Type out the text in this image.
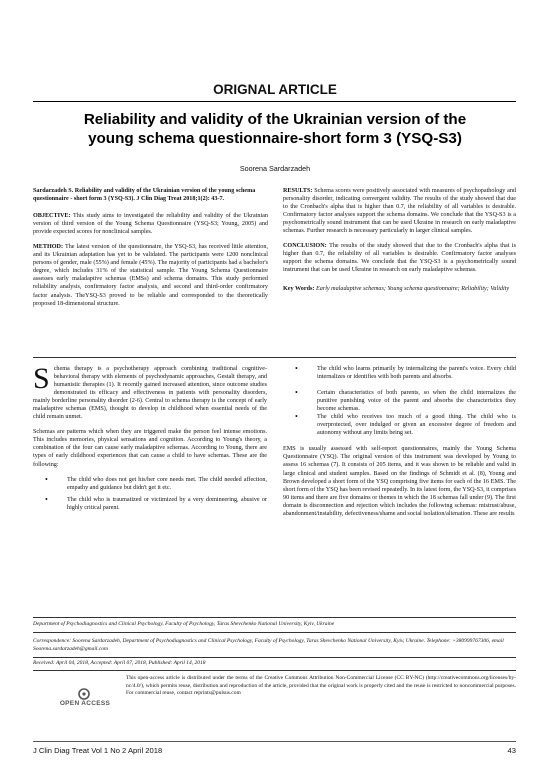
ORIGNAL ARTICLE
Reliability and validity of the Ukrainian version of the
young schema questionnaire-short form 3 (YSQ-S3)
Soorena Sardarzadeh

Sardarzadeh S. Reliability and validity of the Ukrainian version of the young schema questionnaire - short form 3 (YSQ-S3). J Clin Diag Treat 2018;1(2): 43-7.

OBJECTIVE: This study aims to investigated the reliability and validity of the Ukrainian version of third version of the Young Schema Questionnaire (YSQ-S3; Young, 2005) and provide expected scores for nonclinical samples.

METHOD: The latest version of the questionnaire, the YSQ-S3, has received little attention, and its Ukrainian adaptation has yet to be validated. The participants were 1200 nonclinical persons of gender, male (55%) and female (45%). The majority of participants had a bachelor's degree, which includes 31% of the statistical sample. The Young Schema Questionnaire assesses early maladaptive schemas (EMSs) and schema domains. This study performed reliability analysis, confirmatory factor analysis, and second and third-order confirmatory factor analysis. TheYSQ-S3 proved to be reliable and corresponded to the theoretically proposed 18-dimensional structure.

RESULTS: Schema scores were positively associated with measures of psychopathology and personality disorder, indicating convergent validity. The results of the study showed that due to the Cronbach's alpha that is higher than 0.7, the reliability of all variables is desirable. Confirmatory factor analyses support the schema domains. We conclude that the YSQ-S3 is a psychometrically sound instrument that can be used Ukraine in research on early maladaptive schemas. Further research is necessary particularly in larger clinical samples.

CONCLUSION: The results of the study showed that due to the Cronbach's alpha that is higher than 0.7, the reliability of all variables is desirable. Confirmatory factor analyses support the schema domains. We conclude that the YSQ-S3 is a psychometrically sound instrument that can be used Ukraine in research on early maladaptive schemas.

Key Words: Early maladaptive schemas; Young schema questionnaire; Reliability; Validity

Schema therapy is a psychotherapy approach combining traditional cognitive-behavioral therapy with elements of psychodynamic approaches, Gestalt therapy, and humanistic therapies (1). It recently gained increased attention, since outcome studies demonstrated its efficacy and effectiveness in patients with personality disorders, mainly borderline personality disorder (2-6). Central to schema therapy is the concept of early maladaptive schemas (EMS), thought to develop in childhood when essential needs of the child remain unmet.

Schemas are patterns which when they are triggered make the person feel intense emotions. This includes memories, physical sensations and cognition. According to Young's theory, a combination of the four can cause early maladaptive schemas. According to Young, there are types of early childhood experiences that can cause a child to have schemas. These are the following:

• The child who does not get his/her core needs met. The child needed affection, empathy and guidance but didn't get it etc.
• The child who is traumatized or victimized by a very domineering, abusive or highly critical parent.
• The child who learns primarily by internalizing the parent's voice. Every child internalizes or identifies with both parents and absorbs.
• Certain characteristics of both parents, so when the child internalizes the punitive punishing voice of the parent and absorbs the characteristics they become schemas.
• The child who receives too much of a good thing. The child who is overprotected, over indulged or given an excessive degree of freedom and autonomy without any limits being set.

EMS is usually assessed with self-report questionnaires, mainly the Young Schema Questionnaire (YSQ). The original version of this instrument was developed by Young to assess 16 schemas (7). It consists of 205 items, and it was shown to be reliable and valid in large clinical and student samples. Based on the findings of Schmidt et al. (8), Young and Brown developed a short form of the YSQ comprising five items for each of the 16 EMS. The short form of the YSQ has been revised repeatedly. In its latest form, the YSQ-S3, it comprises 90 items and there are five domains or themes in which the 18 schemas fall under (9). The first domain is disconnection and rejection which includes the following schemas: mistrust/abuse, abandonment/instability, defectiveness/shame and social isolation/alienation. These are results

Department of Psychodiagnostics and Clinical Psychology, Faculty of Psychology, Taras Shevchenko National University, Kyiv, Ukraine
Correspondence: Soorena Sardarzadeh, Department of Psychodiagnostics and Clinical Psychology, Faculty of Psychology, Taras Shevchenko National University, Kyiv, Ukraine. Telephone: +380999767306, email Soorena.sardarzadeh@gmail.com
Received: April 04, 2018, Accepted: April 07, 2018, Published: April 14, 2018
OPEN ACCESS
This open-access article is distributed under the terms of the Creative Commons Attribution Non-Commercial License (CC BY-NC) (http://creativecommons.org/licenses/by-nc/4.0/), which permits reuse, distribution and reproduction of the article, provided that the original work is properly cited and the reuse is restricted to noncommercial purposes. For commercial reuse, contact reprints@pulsus.com
J Clin Diag Treat Vol 1 No 2 April 2018	43
